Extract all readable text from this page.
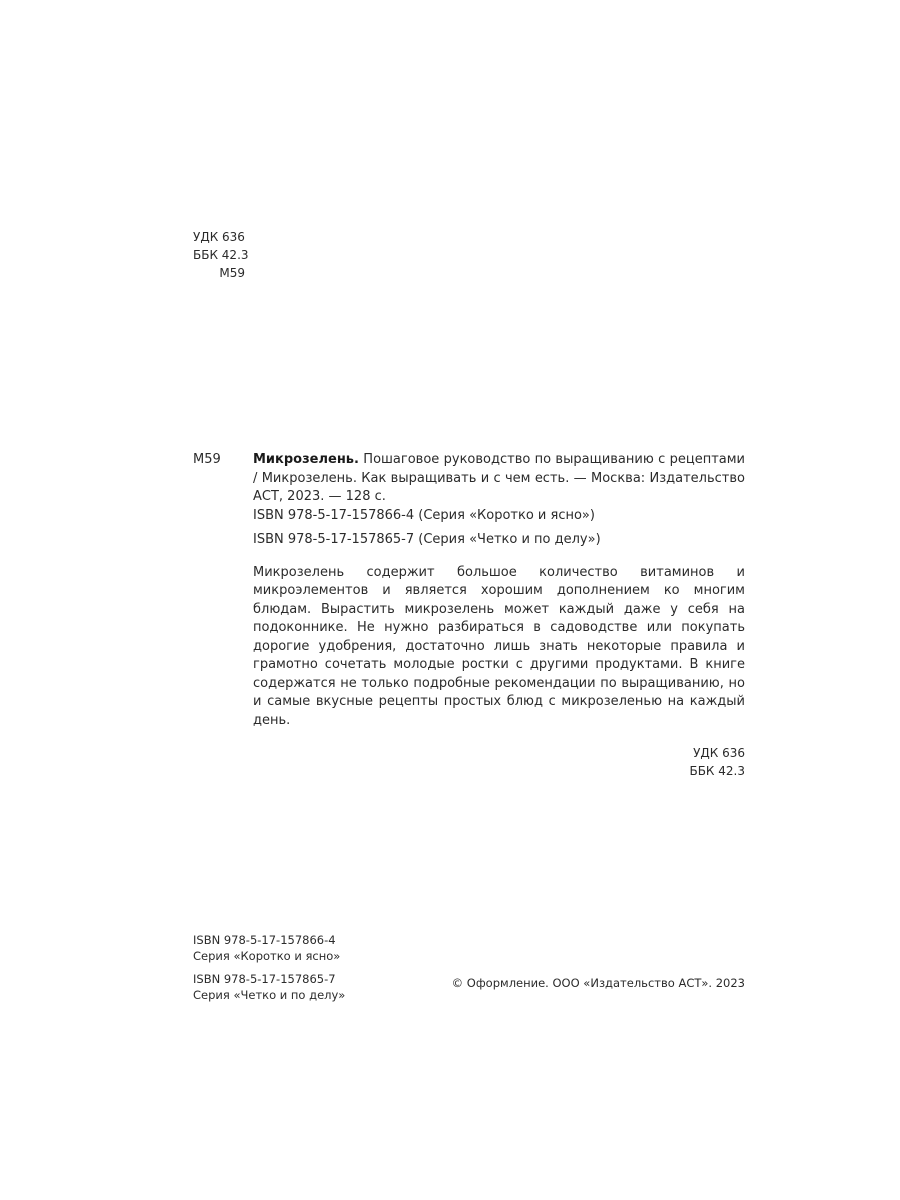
УДК 636
ББК 42.3
М59
М59 Микрозелень. Пошаговое руководство по выращиванию с рецептами / Микрозелень. Как выращивать и с чем есть. — Москва: Издательство АСТ, 2023. — 128 с.

ISBN 978-5-17-157866-4 (Серия «Коротко и ясно»)

ISBN 978-5-17-157865-7 (Серия «Четко и по делу»)

Микрозелень содержит большое количество витаминов и микроэлементов и является хорошим дополнением ко многим блюдам. Вырастить микрозелень может каждый даже у себя на подоконнике. Не нужно разбираться в садоводстве или покупать дорогие удобрения, достаточно лишь знать некоторые правила и грамотно сочетать молодые ростки с другими продуктами. В книге содержатся не только подробные рекомендации по выращиванию, но и самые вкусные рецепты простых блюд с микрозеленью на каждый день.

УДК 636
ББК 42.3
ISBN 978-5-17-157866-4
Серия «Коротко и ясно»
ISBN 978-5-17-157865-7
Серия «Четко и по делу»
© Оформление. ООО «Издательство АСТ». 2023
